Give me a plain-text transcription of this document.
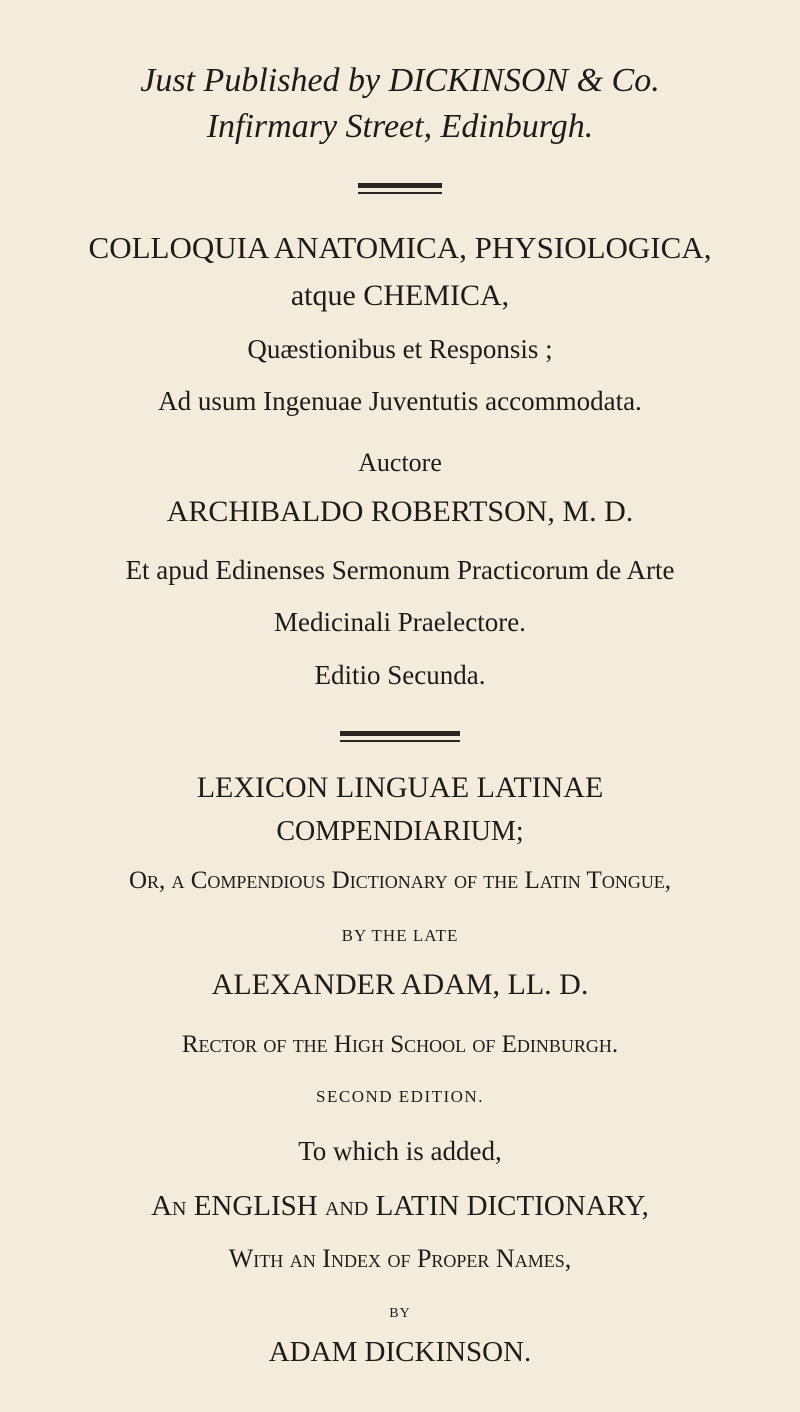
Just Published by DICKINSON & Co.
Infirmary Street, Edinburgh.
COLLOQUIA ANATOMICA, PHYSIOLOGICA,
atque CHEMICA,
Quæstionibus et Responsis ;
Ad usum Ingenuae Juventutis accommodata.
Auctore
ARCHIBALDO ROBERTSON, M. D.
Et apud Edinenses Sermonum Practicorum de Arte
Medicinali Praelectore.
Editio Secunda.
LEXICON LINGUAE LATINAE
COMPENDIARIUM;
Or, a Compendious Dictionary of the Latin Tongue,
BY THE LATE
ALEXANDER ADAM, LL. D.
Rector of the High School of Edinburgh.
SECOND EDITION.
To which is added,
An ENGLISH and LATIN DICTIONARY,
With an Index of Proper Names,
BY
ADAM DICKINSON.
